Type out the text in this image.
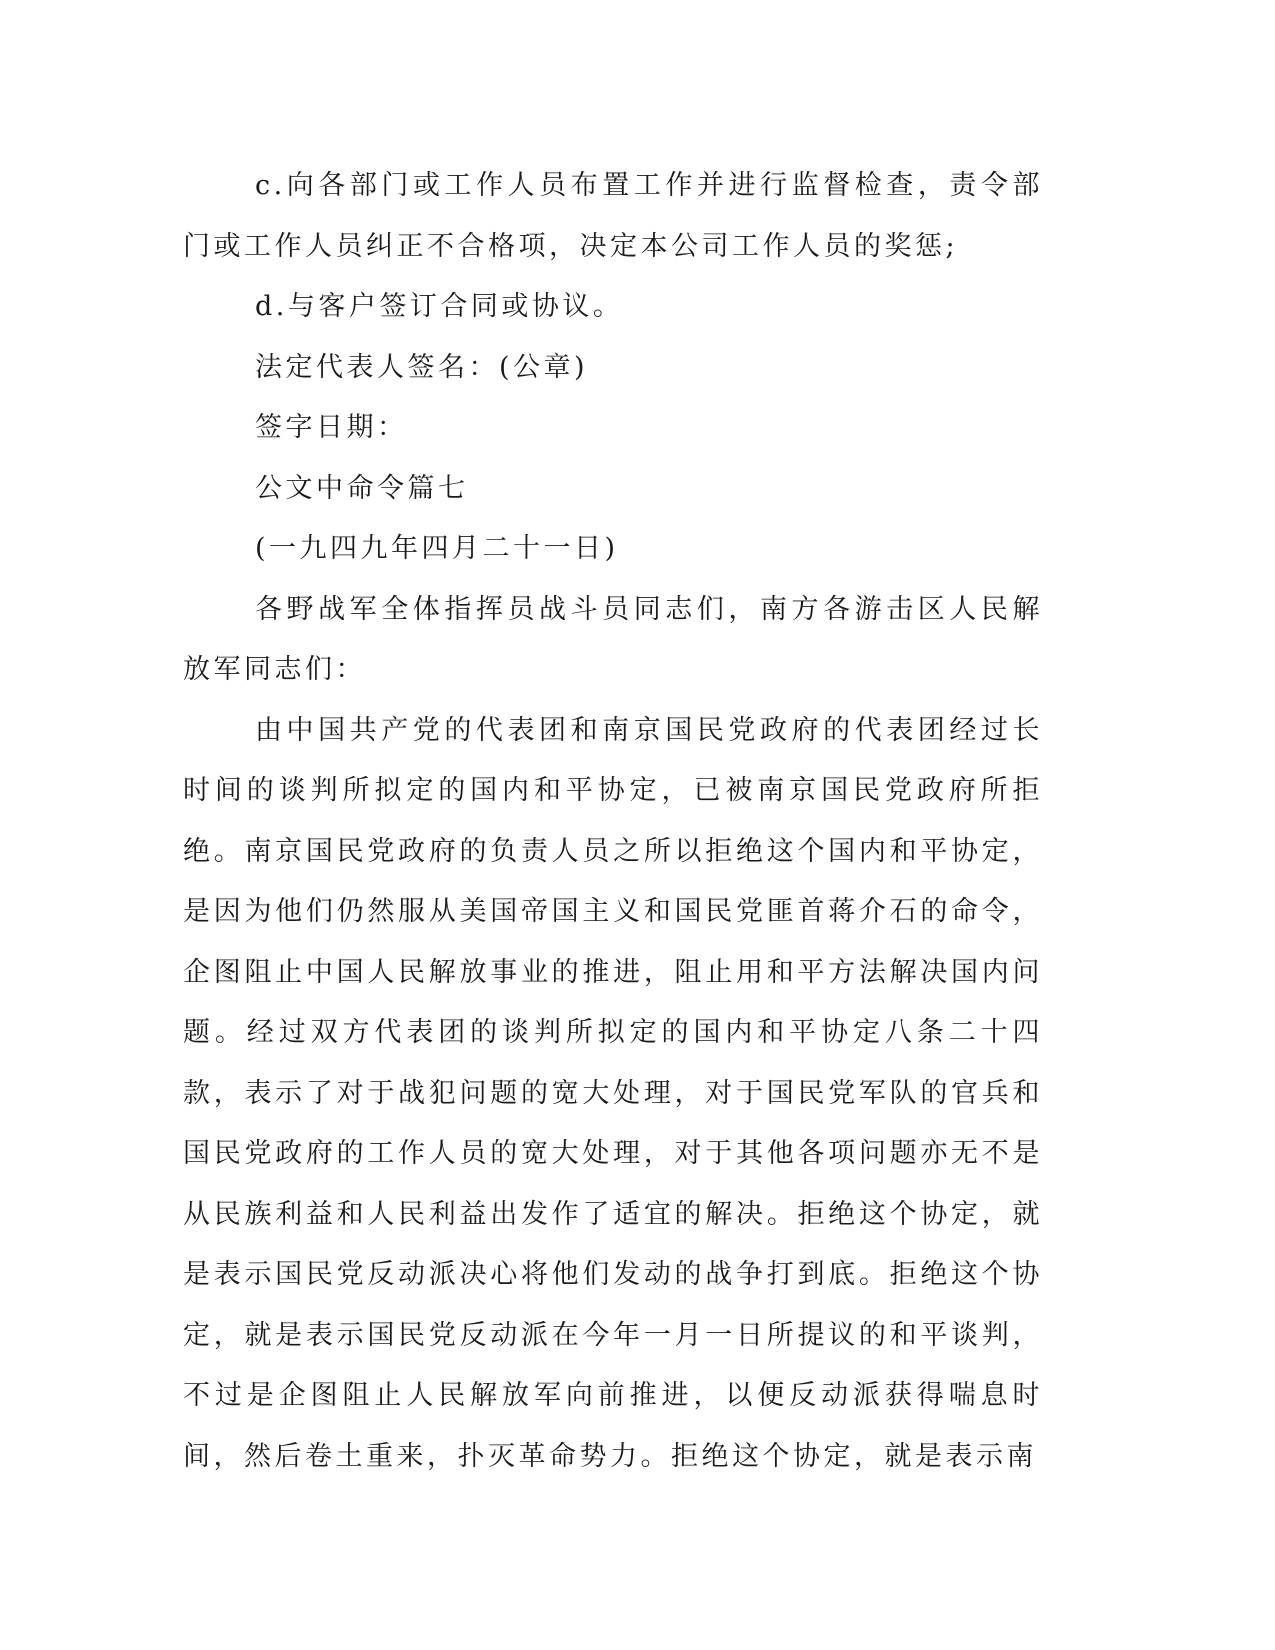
c.向各部门或工作人员布置工作并进行监督检查，责令部门或工作人员纠正不合格项，决定本公司工作人员的奖惩;

d.与客户签订合同或协议。

法定代表人签名：(公章)

签字日期：

公文中命令篇七

(一九四九年四月二十一日)

各野战军全体指挥员战斗员同志们，南方各游击区人民解放军同志们：

由中国共产党的代表团和南京国民党政府的代表团经过长时间的谈判所拟定的国内和平协定，已被南京国民党政府所拒绝。南京国民党政府的负责人员之所以拒绝这个国内和平协定，是因为他们仍然服从美国帝国主义和国民党匪首蒋介石的命令，企图阻止中国人民解放事业的推进，阻止用和平方法解决国内问题。经过双方代表团的谈判所拟定的国内和平协定八条二十四款，表示了对于战犯问题的宽大处理，对于国民党军队的官兵和国民党政府的工作人员的宽大处理，对于其他各项问题亦无不是从民族利益和人民利益出发作了适宜的解决。拒绝这个协定，就是表示国民党反动派决心将他们发动的战争打到底。拒绝这个协定，就是表示国民党反动派在今年一月一日所提议的和平谈判，不过是企图阻止人民解放军向前推进，以便反动派获得喘息时间，然后卷土重来，扑灭革命势力。拒绝这个协定，就是表示南
